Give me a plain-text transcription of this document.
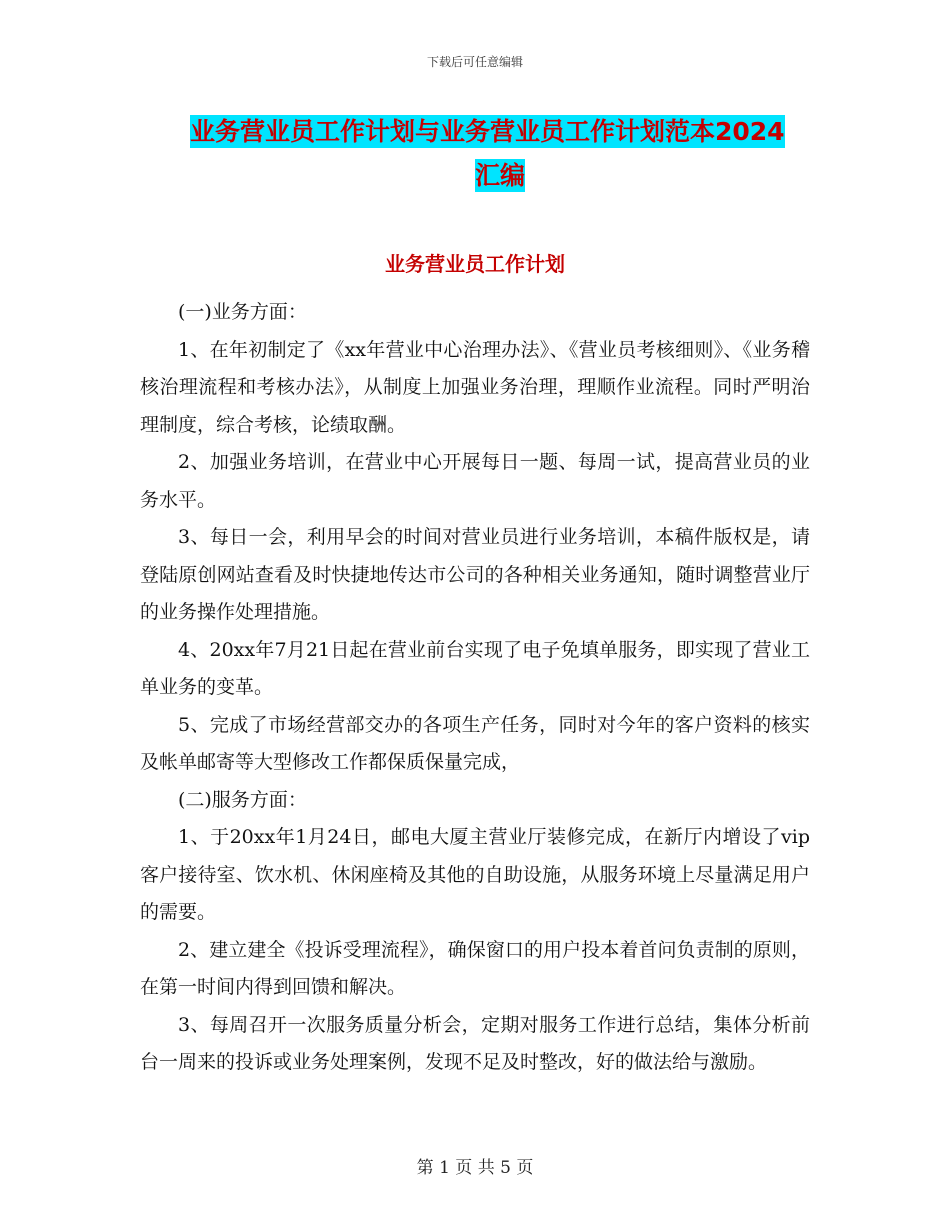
下载后可任意编辑
业务营业员工作计划与业务营业员工作计划范本2024
汇编
业务营业员工作计划

(一)业务方面：

1、在年初制定了《xx年营业中心治理办法》、《营业员考核细则》、《业务稽核治理流程和考核办法》，从制度上加强业务治理，理顺作业流程。同时严明治理制度，综合考核，论绩取酬。

2、加强业务培训，在营业中心开展每日一题、每周一试，提高营业员的业务水平。

3、每日一会，利用早会的时间对营业员进行业务培训，本稿件版权是，请登陆原创网站查看及时快捷地传达市公司的各种相关业务通知，随时调整营业厅的业务操作处理措施。

4、20xx年7月21日起在营业前台实现了电子免填单服务，即实现了营业工单业务的变革。

5、完成了市场经营部交办的各项生产任务，同时对今年的客户资料的核实及帐单邮寄等大型修改工作都保质保量完成，

(二)服务方面：

1、于20xx年1月24日，邮电大厦主营业厅装修完成，在新厅内增设了vip客户接待室、饮水机、休闲座椅及其他的自助设施，从服务环境上尽量满足用户的需要。

2、建立建全《投诉受理流程》，确保窗口的用户投本着首问负责制的原则，在第一时间内得到回馈和解决。

3、每周召开一次服务质量分析会，定期对服务工作进行总结，集体分析前台一周来的投诉或业务处理案例，发现不足及时整改，好的做法给与激励。

第 1 页 共 5 页
